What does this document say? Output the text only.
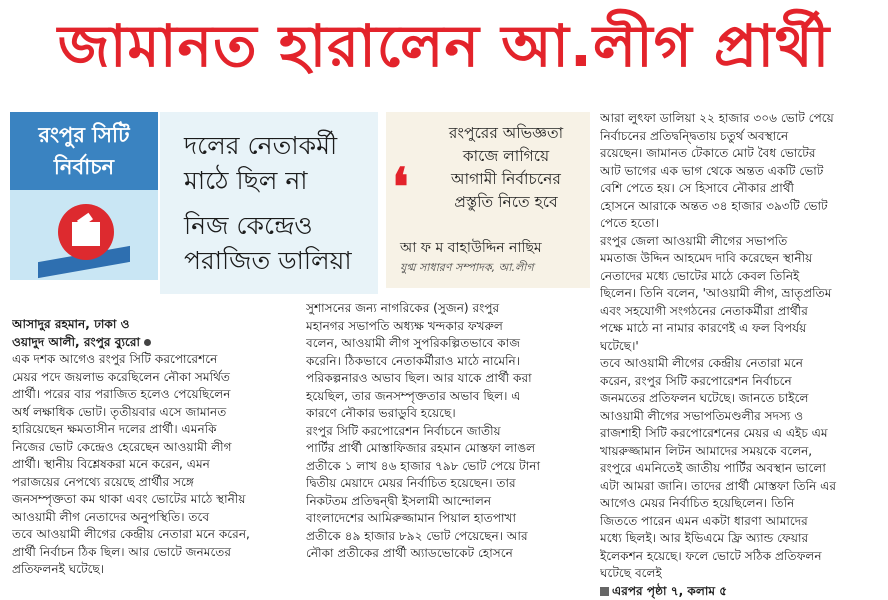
জামানত হারালেন আ.লীগ প্রার্থী
রংপুর সিটি
নির্বাচন
দলের নেতাকর্মী
মাঠে ছিল না
নিজ কেন্দ্রেও
পরাজিত ডালিয়া
❛
রংপুরের অভিজ্ঞতা
কাজে লাগিয়ে
আগামী নির্বাচনের
প্রস্তুতি নিতে হবে
আ ফ ম বাহাউদ্দিন নাছিম
যুগ্ম সাধারণ সম্পাদক, আ.লীগ

আসাদুর রহমান, ঢাকা ও

ওয়াদুদ আলী, রংপুর ব্যুরো

এক দশক আগেও রংপুর সিটি করপোরেশনে

মেয়র পদে জয়লাভ করেছিলেন নৌকা সমর্থিত

প্রার্থী। পরের বার পরাজিত হলেও পেয়েছিলেন

অর্ধ লক্ষাধিক ভোট। তৃতীয়বার এসে জামানত

হারিয়েছেন ক্ষমতাসীন দলের প্রার্থী। এমনকি

নিজের ভোট কেন্দ্রেও হেরেছেন আওয়ামী লীগ

প্রার্থী। স্থানীয় বিশ্লেষকরা মনে করেন, এমন

পরাজয়ের নেপথ্যে রয়েছে প্রার্থীর সঙ্গে

জনসম্পৃক্ততা কম থাকা এবং ভোটের মাঠে স্থানীয়

আওয়ামী লীগ নেতাদের অনুপস্থিতি। তবে

তবে আওয়ামী লীগের কেন্দ্রীয় নেতারা মনে করেন,

প্রার্থী নির্বাচন ঠিক ছিল। আর ভোটে জনমতের

প্রতিফলনই ঘটেছে।

সুশাসনের জন্য নাগরিকের (সুজন) রংপুর

মহানগর সভাপতি অধ্যক্ষ খন্দকার ফখরুল

বলেন, আওয়ামী লীগ সুপরিকল্পিতভাবে কাজ

করেনি। ঠিকভাবে নেতাকর্মীরাও মাঠে নামেনি।

পরিকল্পনারও অভাব ছিল। আর যাকে প্রার্থী করা

হয়েছিল, তার জনসম্পৃক্ততার অভাব ছিল। এ

কারণে নৌকার ভরাডুবি হয়েছে।

রংপুর সিটি করপোরেশন নির্বাচনে জাতীয়

পার্টির প্রার্থী মোস্তাফিজার রহমান মোস্তফা লাঙল

প্রতীকে ১ লাখ ৪৬ হাজার ৭৯৮ ভোট পেয়ে টানা

দ্বিতীয় মেয়াদে মেয়র নির্বাচিত হয়েছেন। তার

নিকটতম প্রতিদ্বন্দ্বী ইসলামী আন্দোলন

বাংলাদেশের আমিরুজ্জামান পিয়াল হাতপাখা

প্রতীকে ৪৯ হাজার ৮৯২ ভোট পেয়েছেন। আর

নৌকা প্রতীকের প্রার্থী অ্যাডভোকেট হোসনে

আরা লুৎফা ডালিয়া ২২ হাজার ৩০৬ ভোট পেয়ে

নির্বাচনের প্রতিদ্বন্দ্বিতায় চতুর্থ অবস্থানে

রয়েছেন। জামানত টেকাতে মোট বৈধ ভোটের

আট ভাগের এক ভাগ থেকে অন্তত একটি ভোট

বেশি পেতে হয়। সে হিসাবে নৌকার প্রার্থী

হোসনে আরাকে অন্তত ৩৪ হাজার ৩৯৩টি ভোট

পেতে হতো।

রংপুর জেলা আওয়ামী লীগের সভাপতি

মমতাজ উদ্দিন আহমেদ দাবি করেছেন স্থানীয়

নেতাদের মধ্যে ভোটের মাঠে কেবল তিনিই

ছিলেন। তিনি বলেন, 'আওয়ামী লীগ, ভ্রাতৃপ্রতিম

এবং সহযোগী সংগঠনের নেতাকর্মীরা প্রার্থীর

পক্ষে মাঠে না নামার কারণেই এ ফল বিপর্যয়

ঘটেছে।'

তবে আওয়ামী লীগের কেন্দ্রীয় নেতারা মনে

করেন, রংপুর সিটি করপোরেশন নির্বাচনে

জনমতের প্রতিফলন ঘটেছে। জানতে চাইলে

আওয়ামী লীগের সভাপতিমণ্ডলীর সদস্য ও

রাজশাহী সিটি করপোরেশনের মেয়র এ এইচ এম

খায়রুজ্জামান লিটন আমাদের সময়কে বলেন,

রংপুরে এমনিতেই জাতীয় পার্টির অবস্থান ভালো

এটা আমরা জানি। তাদের প্রার্থী মোস্তফা তিনি এর

আগেও মেয়র নির্বাচিত হয়েছিলেন। তিনি

জিততে পারেন এমন একটা ধারণা আমাদের

মধ্যে ছিলই। আর ইভিএমে ফ্রি অ্যান্ড ফেয়ার

ইলেকশন হয়েছে। ফলে ভোটে সঠিক প্রতিফলন

ঘটেছে বলেই

এরপর পৃষ্ঠা ৭, কলাম ৫
